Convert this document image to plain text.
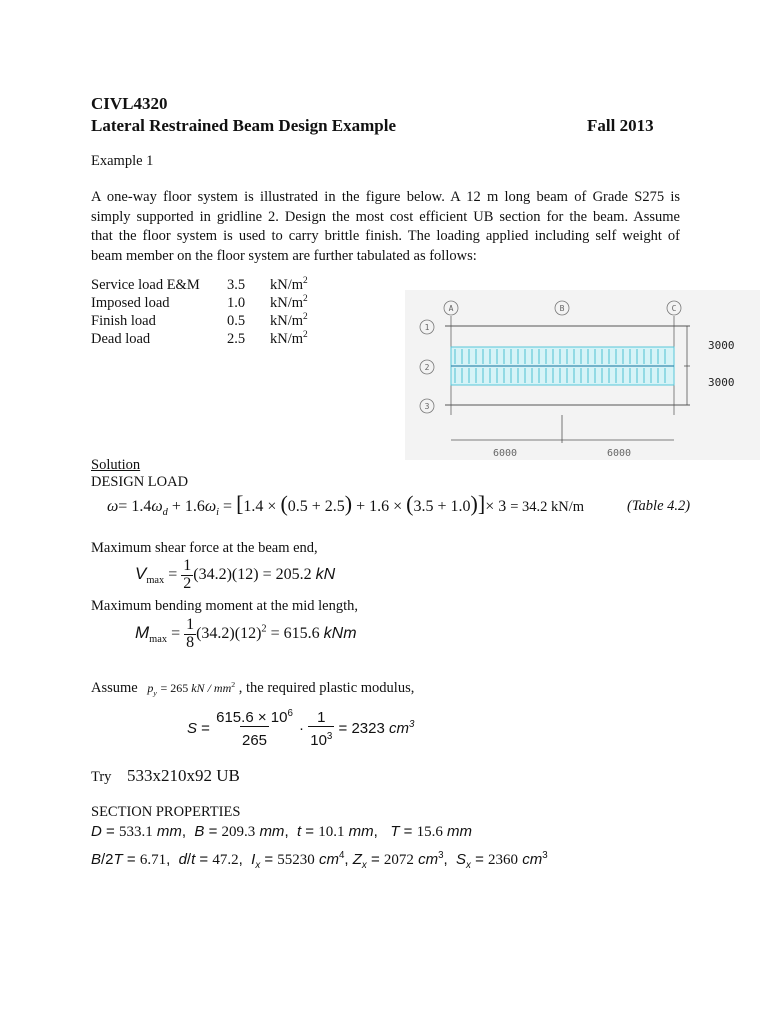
CIVL4320
Lateral Restrained Beam Design Example	Fall 2013
Example 1
A one-way floor system is illustrated in the figure below. A 12 m long beam of Grade S275 is
simply supported in gridline 2. Design the most cost efficient UB section for the beam. Assume
that the floor system is used to carry brittle finish. The loading applied including self weight of
beam member on the floor system are further tabulated as follows:
Service load E&M	3.5	$kN/m^2$
Imposed load	1.0	$kN/m^2$
Finish load	0.5	$kN/m^2$
Dead load	2.5	$kN/m^2$
A	B	C
1
2
3
3000
3000
6000	6000
Solution
DESIGN LOAD
$\omega= 1.4\omega_d + 1.6\omega_i = [1.4 \times (0.5 + 2.5) + 1.6 \times (3.5 + 1.0)]\times 3 = 34.2$ kN/m	(Table 4.2)
Maximum shear force at the beam end,
$V_{max} = \frac{1}{2} (34.2)(12) = 205.2$ kN
Maximum bending moment at the mid length,
$M_{max} = \frac{1}{8} (34.2)(12)^2 = 615.6$ kNm
Assume $p_y = 265$ kN / $mm^2$ , the required plastic modulus,
$S = \frac{615.6 \times 10^6}{265} \cdot \frac{1}{10^3} = 2323$ $cm^3$
Try 533x210x92 UB
SECTION PROPERTIES
D = 533.1 mm,  B = 209.3 mm,  t = 10.1 mm,   T = 15.6 mm
B/2T = 6.71,  d/t = 47.2,  $I_x = 55230$ $cm^4$, $Z_x = 2072$ $cm^3$,  $S_x = 2360$ $cm^3$
